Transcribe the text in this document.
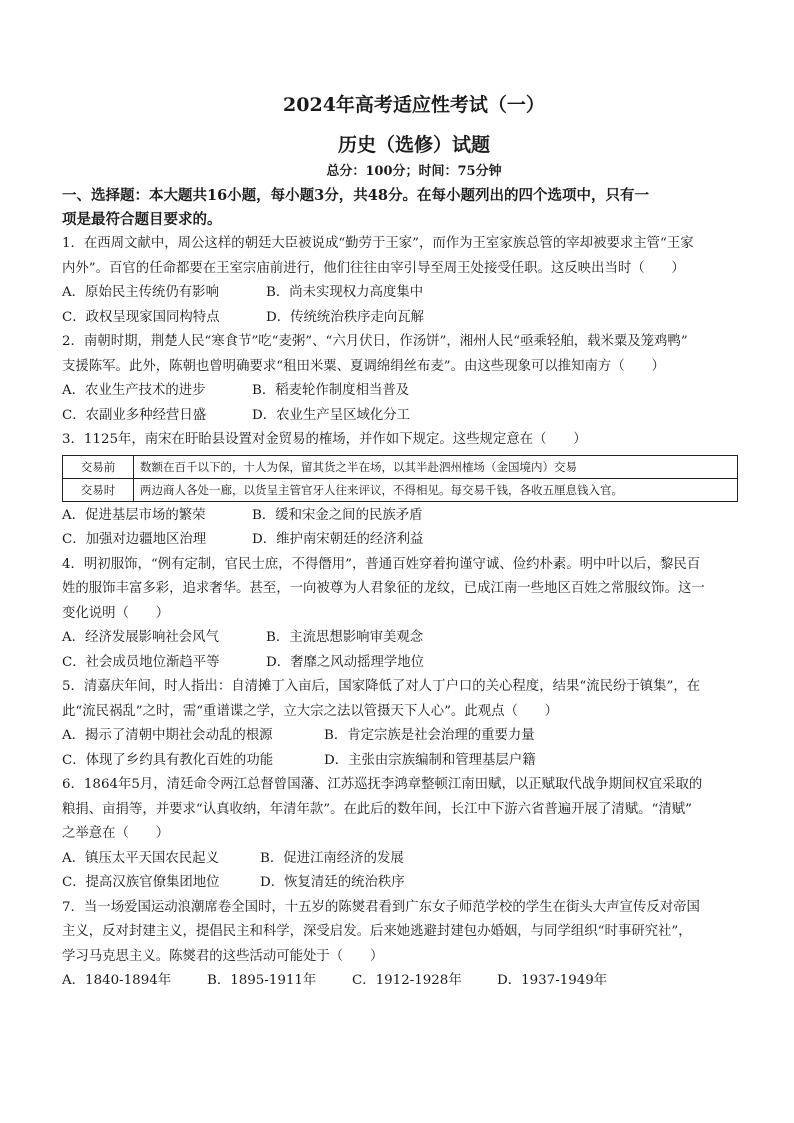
2024年高考适应性考试（一）
历史（选修）试题
总分：100分；时间：75分钟
一、选择题：本大题共16小题，每小题3分，共48分。在每小题列出的四个选项中，只有一
项是最符合题目要求的。
1．在西周文献中，周公这样的朝廷大臣被说成“勤劳于王家”，而作为王室家族总管的宰却被要求主管“王家
内外”。百官的任命都要在王室宗庙前进行，他们往往由宰引导至周王处接受任职。这反映出当时（　　）
A．原始民主传统仍有影响	B．尚未实现权力高度集中
C．政权呈现家国同构特点	D．传统统治秩序走向瓦解
2．南朝时期，荆楚人民“寒食节”吃“麦粥”、“六月伏日，作汤饼”，湘州人民“亟乘轻舶，载米粟及笼鸡鸭”
支援陈军。此外，陈朝也曾明确要求“租田米粟、夏调绵绢丝布麦”。由这些现象可以推知南方（　　）
A．农业生产技术的进步	B．稻麦轮作制度相当普及
C．农副业多种经营日盛	D．农业生产呈区域化分工
3．1125年，南宋在盱眙县设置对金贸易的榷场，并作如下规定。这些规定意在（　　）
交易前	数额在百千以下的，十人为保，留其货之半在场，以其半赴泗州榷场（金国境内）交易
交易时	两边商人各处一廊，以货呈主管官牙人往来评议，不得相见。每交易千钱，各收五厘息钱入官。
A．促进基层市场的繁荣	B．缓和宋金之间的民族矛盾
C．加强对边疆地区治理	D．维护南宋朝廷的经济利益
4．明初服饰，“例有定制，官民士庶，不得僭用”，普通百姓穿着拘谨守诚、俭约朴素。明中叶以后，黎民百
姓的服饰丰富多彩，追求奢华。甚至，一向被尊为人君象征的龙纹，已成江南一些地区百姓之常服纹饰。这一
变化说明（　　）
A．经济发展影响社会风气	B．主流思想影响审美观念
C．社会成员地位渐趋平等	D．奢靡之风动摇理学地位
5．清嘉庆年间，时人指出：自清摊丁入亩后，国家降低了对人丁户口的关心程度，结果“流民纷于镇集”，在
此“流民祸乱”之时，需“重谱谍之学，立大宗之法以管摄天下人心”。此观点（　　）
A．揭示了清朝中期社会动乱的根源	B．肯定宗族是社会治理的重要力量
C．体现了乡约具有教化百姓的功能	D．主张由宗族编制和管理基层户籍
6．1864年5月，清廷命令两江总督曾国藩、江苏巡抚李鸿章整顿江南田赋，以正赋取代战争期间权宜采取的
粮捐、亩捐等，并要求“认真收纳，年清年款”。在此后的数年间，长江中下游六省普遍开展了清赋。“清赋”
之举意在（　　）
A．镇压太平天国农民起义	B．促进江南经济的发展
C．提高汉族官僚集团地位	D．恢复清廷的统治秩序
7．当一场爱国运动浪潮席卷全国时，十五岁的陈爕君看到广东女子师范学校的学生在街头大声宣传反对帝国
主义，反对封建主义，提倡民主和科学，深受启发。后来她逃避封建包办婚姻，与同学组织“时事研究社”，
学习马克思主义。陈爕君的这些活动可能处于（　　）
A．1840-1894年	B．1895-1911年	C．1912-1928年	D．1937-1949年
